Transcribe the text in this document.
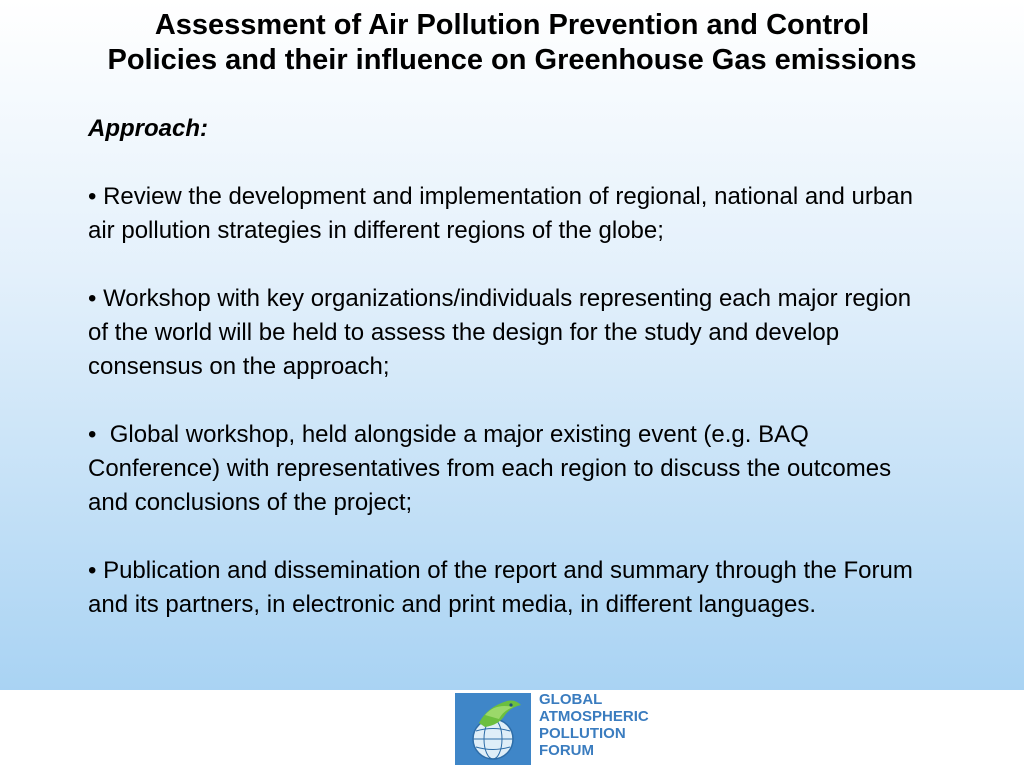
Assessment of Air Pollution Prevention and Control
Policies and their influence on Greenhouse Gas emissions

Approach:

• Review the development and implementation of regional, national and urban air pollution strategies in different regions of the globe;

• Workshop with key organizations/individuals representing each major region of the world will be held to assess the design for the study and develop consensus on the approach;

•  Global workshop, held alongside a major existing event (e.g. BAQ Conference) with representatives from each region to discuss the outcomes and conclusions of the project;

• Publication and dissemination of the report and summary through the Forum and its partners, in electronic and print media, in different languages.

GLOBAL
ATMOSPHERIC
POLLUTION
FORUM
